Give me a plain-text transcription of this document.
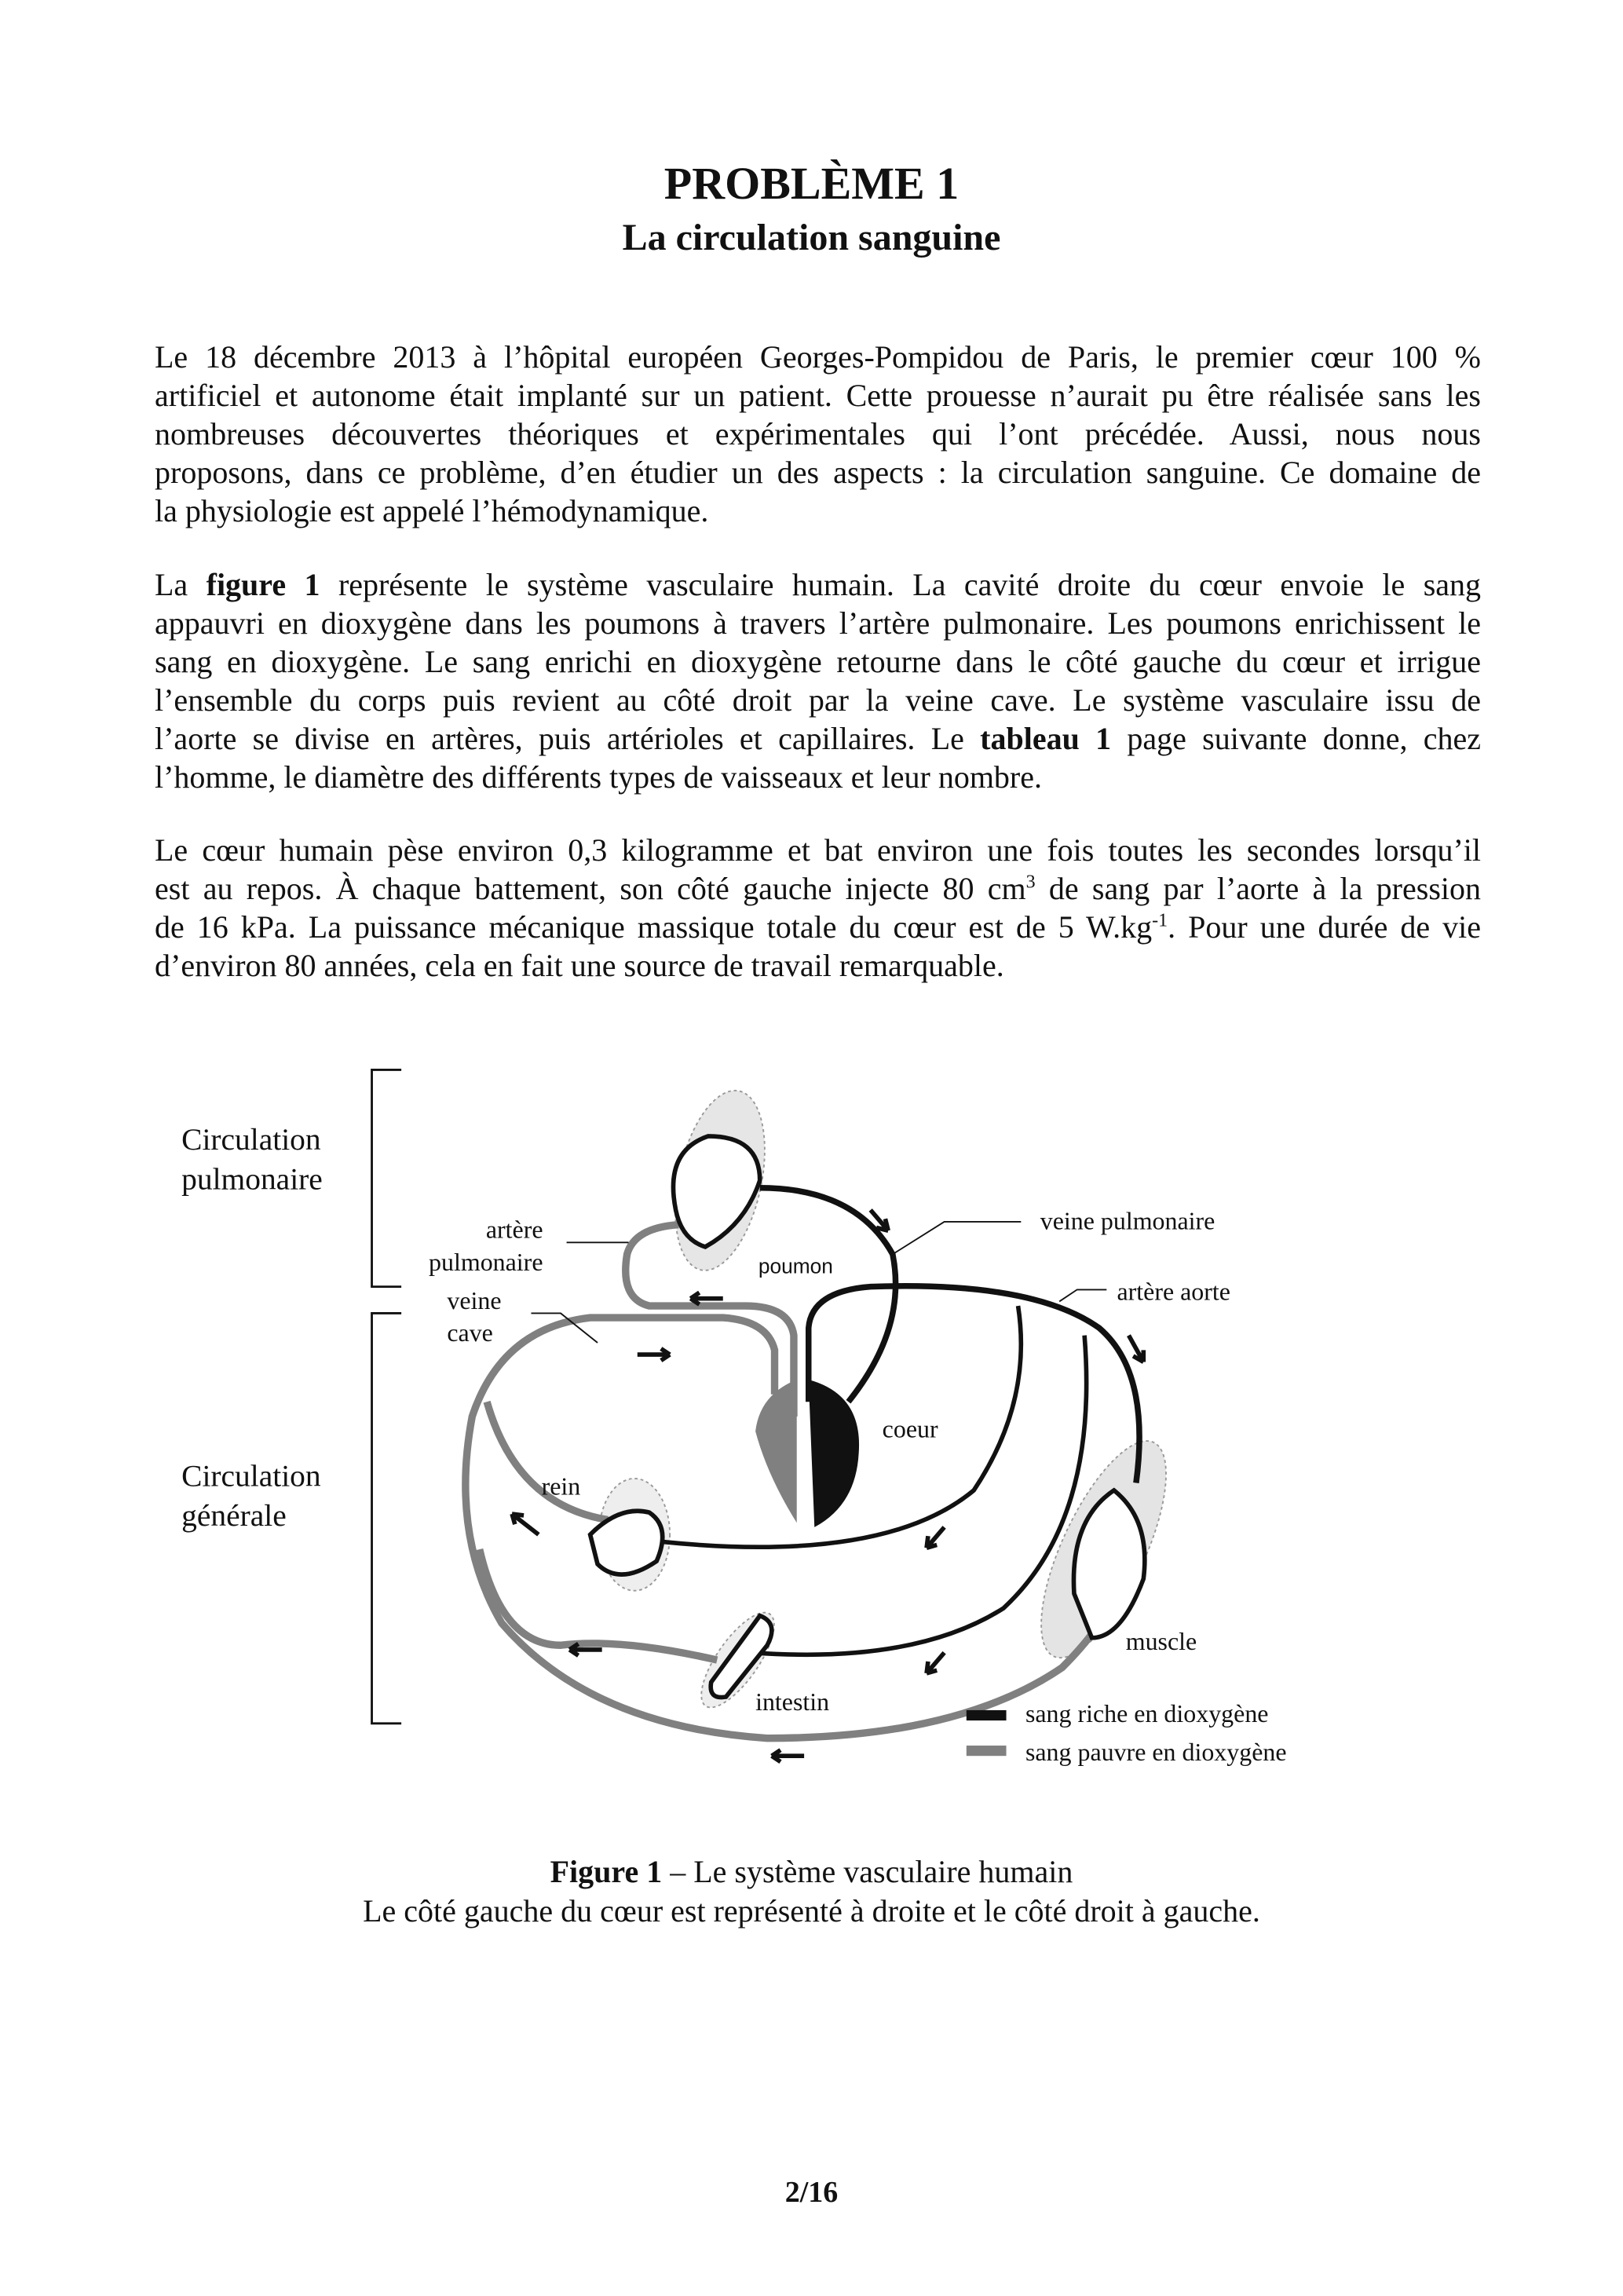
PROBLÈME 1
La circulation sanguine
Le 18 décembre 2013 à l’hôpital européen Georges-Pompidou de Paris, le premier cœur 100 %
artificiel et autonome était implanté sur un patient. Cette prouesse n’aurait pu être réalisée sans les
nombreuses découvertes théoriques et expérimentales qui l’ont précédée. Aussi, nous nous
proposons, dans ce problème, d’en étudier un des aspects : la circulation sanguine. Ce domaine de
la physiologie est appelé l’hémodynamique.
La figure 1 représente le système vasculaire humain. La cavité droite du cœur envoie le sang
appauvri en dioxygène dans les poumons à travers l’artère pulmonaire. Les poumons enrichissent le
sang en dioxygène. Le sang enrichi en dioxygène retourne dans le côté gauche du cœur et irrigue
l’ensemble du corps puis revient au côté droit par la veine cave. Le système vasculaire issu de
l’aorte se divise en artères, puis artérioles et capillaires. Le tableau 1 page suivante donne, chez
l’homme, le diamètre des différents types de vaisseaux et leur nombre.
Le cœur humain pèse environ 0,3 kilogramme et bat environ une fois toutes les secondes lorsqu’il
est au repos. À chaque battement, son côté gauche injecte 80 $cm^3$ de sang par l’aorte à la pression
de 16 kPa. La puissance mécanique massique totale du cœur est de 5 $W.kg^{-1}$. Pour une durée de vie
d’environ 80 années, cela en fait une source de travail remarquable.
Circulation
pulmonaire
Circulation
générale
artère
pulmonaire
veine
cave
poumon
veine pulmonaire
artère aorte
coeur
rein
muscle
intestin	sang riche en dioxygène
sang pauvre en dioxygène
Figure 1 – Le système vasculaire humain
Le côté gauche du cœur est représenté à droite et le côté droit à gauche.
2/16
